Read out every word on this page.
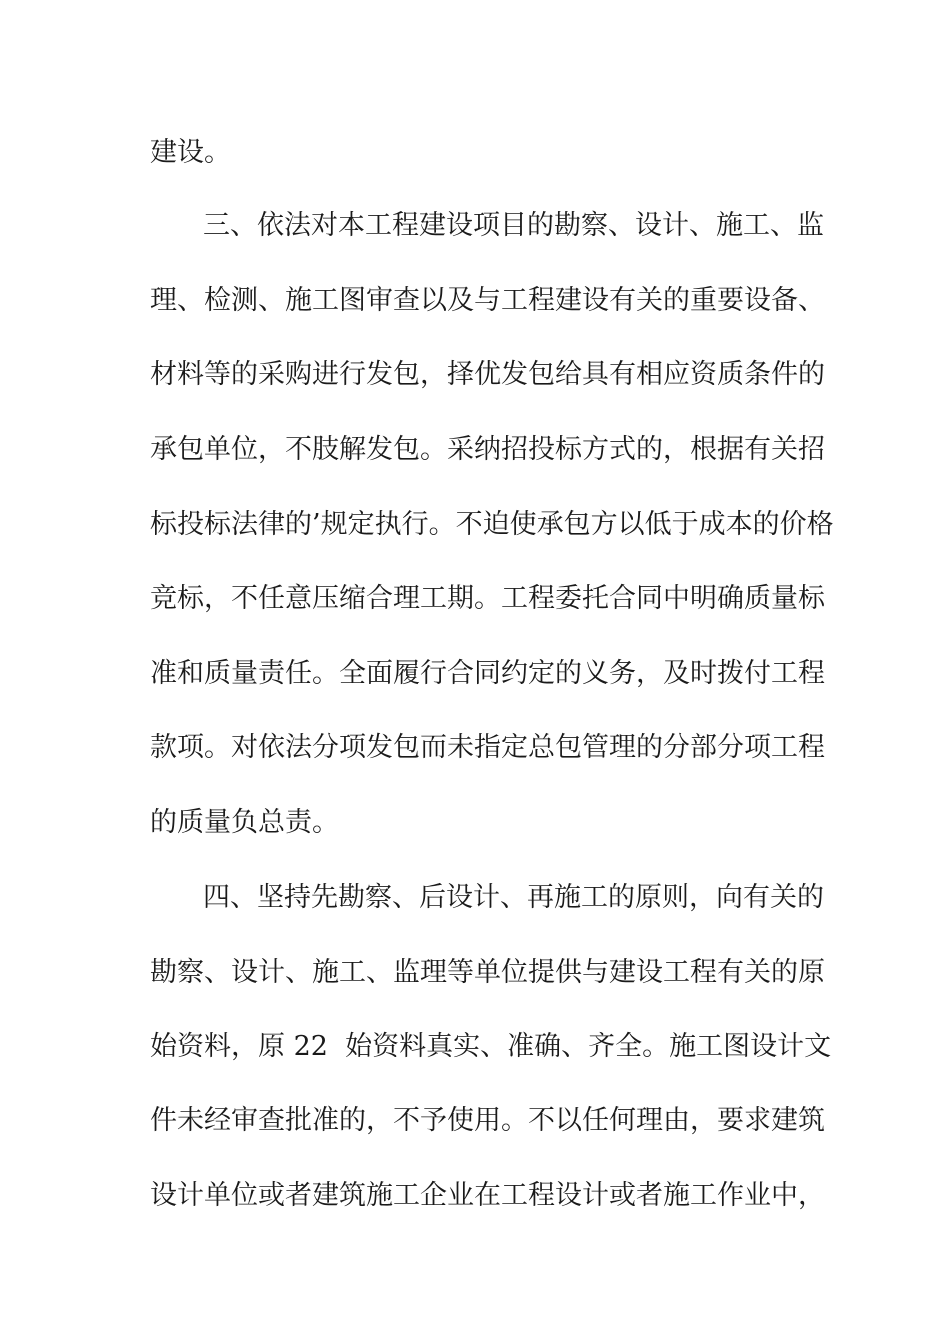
建设。
三、依法对本工程建设项目的勘察、设计、施工、监
理、检测、施工图审查以及与工程建设有关的重要设备、
材料等的采购进行发包，择优发包给具有相应资质条件的
承包单位，不肢解发包。采纳招投标方式的，根据有关招
标投标法律的’规定执行。不迫使承包方以低于成本的价格
竞标，不任意压缩合理工期。工程委托合同中明确质量标
准和质量责任。全面履行合同约定的义务，及时拨付工程
款项。对依法分项发包而未指定总包管理的分部分项工程
的质量负总责。
四、坚持先勘察、后设计、再施工的原则，向有关的
勘察、设计、施工、监理等单位提供与建设工程有关的原
始资料，原 22  始资料真实、准确、齐全。施工图设计文
件未经审查批准的，不予使用。不以任何理由，要求建筑
设计单位或者建筑施工企业在工程设计或者施工作业中，
